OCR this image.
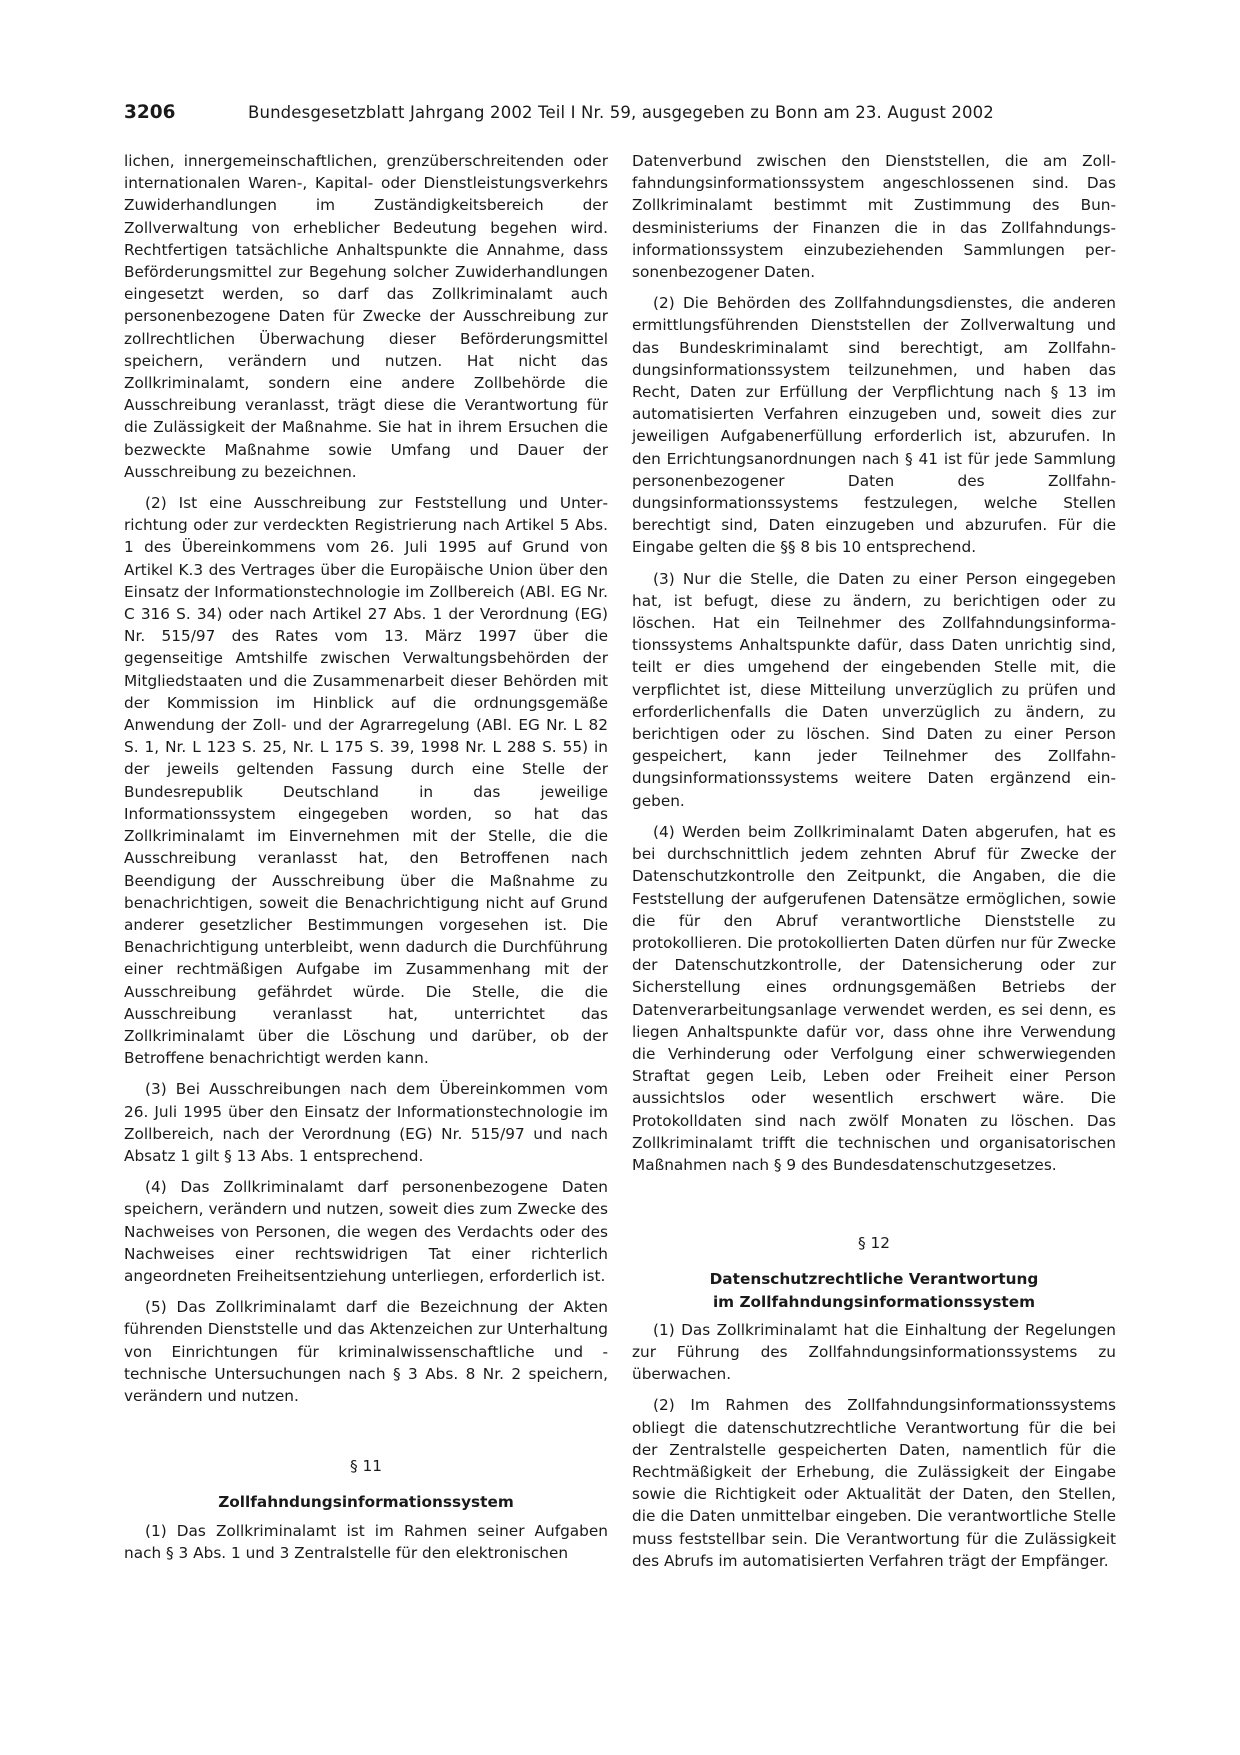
3206	Bundesgesetzblatt Jahrgang 2002 Teil I Nr. 59, ausgegeben zu Bonn am 23. August 2002

lichen, innergemeinschaftlichen, grenzüberschreitenden oder internationalen Waren-, Kapital- oder Dienstleistungsverkehrs Zuwiderhandlungen im Zuständigkeitsbereich der Zollverwaltung von erheblicher Bedeutung begehen wird. Rechtfertigen tatsächliche Anhaltspunkte die Annahme, dass Beförderungsmittel zur Begehung solcher Zuwiderhandlungen eingesetzt werden, so darf das Zollkriminalamt auch personenbezogene Daten für Zwecke der Ausschreibung zur zollrechtlichen Überwachung dieser Beförderungsmittel speichern, verändern und nutzen. Hat nicht das Zollkriminalamt, sondern eine andere Zollbehörde die Ausschreibung veranlasst, trägt diese die Verantwortung für die Zulässigkeit der Maßnahme. Sie hat in ihrem Ersuchen die bezweckte Maßnahme sowie Umfang und Dauer der Ausschreibung zu bezeichnen.

(2) Ist eine Ausschreibung zur Feststellung und Unterrichtung oder zur verdeckten Registrierung nach Artikel 5 Abs. 1 des Übereinkommens vom 26. Juli 1995 auf Grund von Artikel K.3 des Vertrages über die Europäische Union über den Einsatz der Informationstechnologie im Zollbereich (ABl. EG Nr. C 316 S. 34) oder nach Artikel 27 Abs. 1 der Verordnung (EG) Nr. 515/97 des Rates vom 13. März 1997 über die gegenseitige Amtshilfe zwischen Verwaltungsbehörden der Mitgliedstaaten und die Zusammenarbeit dieser Behörden mit der Kommission im Hinblick auf die ordnungsgemäße Anwendung der Zoll- und der Agrarregelung (ABl. EG Nr. L 82 S. 1, Nr. L 123 S. 25, Nr. L 175 S. 39, 1998 Nr. L 288 S. 55) in der jeweils geltenden Fassung durch eine Stelle der Bundesrepublik Deutschland in das jeweilige Informationssystem eingegeben worden, so hat das Zollkriminalamt im Einvernehmen mit der Stelle, die die Ausschreibung veranlasst hat, den Betroffenen nach Beendigung der Ausschreibung über die Maßnahme zu benachrichtigen, soweit die Benachrichtigung nicht auf Grund anderer gesetzlicher Bestimmungen vorgesehen ist. Die Benachrichtigung unterbleibt, wenn dadurch die Durchführung einer rechtmäßigen Aufgabe im Zusammenhang mit der Ausschreibung gefährdet würde. Die Stelle, die die Ausschreibung veranlasst hat, unterrichtet das Zollkriminalamt über die Löschung und darüber, ob der Betroffene benachrichtigt werden kann.

(3) Bei Ausschreibungen nach dem Übereinkommen vom 26. Juli 1995 über den Einsatz der Informationstechnologie im Zollbereich, nach der Verordnung (EG) Nr. 515/97 und nach Absatz 1 gilt § 13 Abs. 1 entsprechend.

(4) Das Zollkriminalamt darf personenbezogene Daten speichern, verändern und nutzen, soweit dies zum Zwecke des Nachweises von Personen, die wegen des Verdachts oder des Nachweises einer rechtswidrigen Tat einer richterlich angeordneten Freiheitsentziehung unterliegen, erforderlich ist.

(5) Das Zollkriminalamt darf die Bezeichnung der Akten führenden Dienststelle und das Aktenzeichen zur Unterhaltung von Einrichtungen für kriminalwissenschaftliche und -technische Untersuchungen nach § 3 Abs. 8 Nr. 2 speichern, verändern und nutzen.

§ 11
Zollfahndungsinformationssystem

(1) Das Zollkriminalamt ist im Rahmen seiner Aufgaben nach § 3 Abs. 1 und 3 Zentralstelle für den elektronischen

Datenverbund zwischen den Dienststellen, die am Zollfahndungsinformationssystem angeschlossenen sind. Das Zollkriminalamt bestimmt mit Zustimmung des Bundesministeriums der Finanzen die in das Zollfahndungsinformationssystem einzubeziehenden Sammlungen personenbezogener Daten.

(2) Die Behörden des Zollfahndungsdienstes, die anderen ermittlungsführenden Dienststellen der Zollverwaltung und das Bundeskriminalamt sind berechtigt, am Zollfahndungsinformationssystem teilzunehmen, und haben das Recht, Daten zur Erfüllung der Verpflichtung nach § 13 im automatisierten Verfahren einzugeben und, soweit dies zur jeweiligen Aufgabenerfüllung erforderlich ist, abzurufen. In den Errichtungsanordnungen nach § 41 ist für jede Sammlung personenbezogener Daten des Zollfahndungsinformationssystems festzulegen, welche Stellen berechtigt sind, Daten einzugeben und abzurufen. Für die Eingabe gelten die §§ 8 bis 10 entsprechend.

(3) Nur die Stelle, die Daten zu einer Person eingegeben hat, ist befugt, diese zu ändern, zu berichtigen oder zu löschen. Hat ein Teilnehmer des Zollfahndungsinformationssystems Anhaltspunkte dafür, dass Daten unrichtig sind, teilt er dies umgehend der eingebenden Stelle mit, die verpflichtet ist, diese Mitteilung unverzüglich zu prüfen und erforderlichenfalls die Daten unverzüglich zu ändern, zu berichtigen oder zu löschen. Sind Daten zu einer Person gespeichert, kann jeder Teilnehmer des Zollfahndungsinformationssystems weitere Daten ergänzend eingeben.

(4) Werden beim Zollkriminalamt Daten abgerufen, hat es bei durchschnittlich jedem zehnten Abruf für Zwecke der Datenschutzkontrolle den Zeitpunkt, die Angaben, die die Feststellung der aufgerufenen Datensätze ermöglichen, sowie die für den Abruf verantwortliche Dienststelle zu protokollieren. Die protokollierten Daten dürfen nur für Zwecke der Datenschutzkontrolle, der Datensicherung oder zur Sicherstellung eines ordnungsgemäßen Betriebs der Datenverarbeitungsanlage verwendet werden, es sei denn, es liegen Anhaltspunkte dafür vor, dass ohne ihre Verwendung die Verhinderung oder Verfolgung einer schwerwiegenden Straftat gegen Leib, Leben oder Freiheit einer Person aussichtslos oder wesentlich erschwert wäre. Die Protokolldaten sind nach zwölf Monaten zu löschen. Das Zollkriminalamt trifft die technischen und organisatorischen Maßnahmen nach § 9 des Bundesdatenschutzgesetzes.

§ 12
Datenschutzrechtliche Verantwortung
im Zollfahndungsinformationssystem

(1) Das Zollkriminalamt hat die Einhaltung der Regelungen zur Führung des Zollfahndungsinformationssystems zu überwachen.

(2) Im Rahmen des Zollfahndungsinformationssystems obliegt die datenschutzrechtliche Verantwortung für die bei der Zentralstelle gespeicherten Daten, namentlich für die Rechtmäßigkeit der Erhebung, die Zulässigkeit der Eingabe sowie die Richtigkeit oder Aktualität der Daten, den Stellen, die die Daten unmittelbar eingeben. Die verantwortliche Stelle muss feststellbar sein. Die Verantwortung für die Zulässigkeit des Abrufs im automatisierten Verfahren trägt der Empfänger.
